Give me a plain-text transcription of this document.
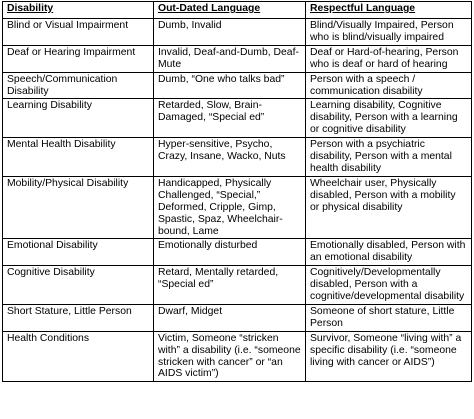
Disability	Out-Dated Language	Respectful Language
Blind or Visual Impairment	Dumb, Invalid	Blind/Visually Impaired, Person who is blind/visually impaired
Deaf or Hearing Impairment	Invalid, Deaf-and-Dumb, Deaf-Mute	Deaf or Hard-of-hearing, Person who is deaf or hard of hearing
Speech/Communication Disability	Dumb, “One who talks bad”	Person with a speech / communication disability
Learning Disability	Retarded, Slow, Brain-Damaged, “Special ed”	Learning disability, Cognitive disability, Person with a learning or cognitive disability
Mental Health Disability	Hyper-sensitive, Psycho, Crazy, Insane, Wacko, Nuts	Person with a psychiatric disability, Person with a mental health disability
Mobility/Physical Disability	Handicapped, Physically Challenged, “Special,” Deformed, Cripple, Gimp, Spastic, Spaz, Wheelchair-bound, Lame	Wheelchair user, Physically disabled, Person with a mobility or physical disability
Emotional Disability	Emotionally disturbed	Emotionally disabled, Person with an emotional disability
Cognitive Disability	Retard, Mentally retarded, “Special ed”	Cognitively/Developmentally disabled, Person with a cognitive/developmental disability
Short Stature, Little Person	Dwarf, Midget	Someone of short stature, Little Person
Health Conditions	Victim, Someone “stricken with” a disability (i.e. “someone stricken with cancer” or “an AIDS victim”)	Survivor, Someone “living with” a specific disability (i.e. “someone living with cancer or AIDS”)
